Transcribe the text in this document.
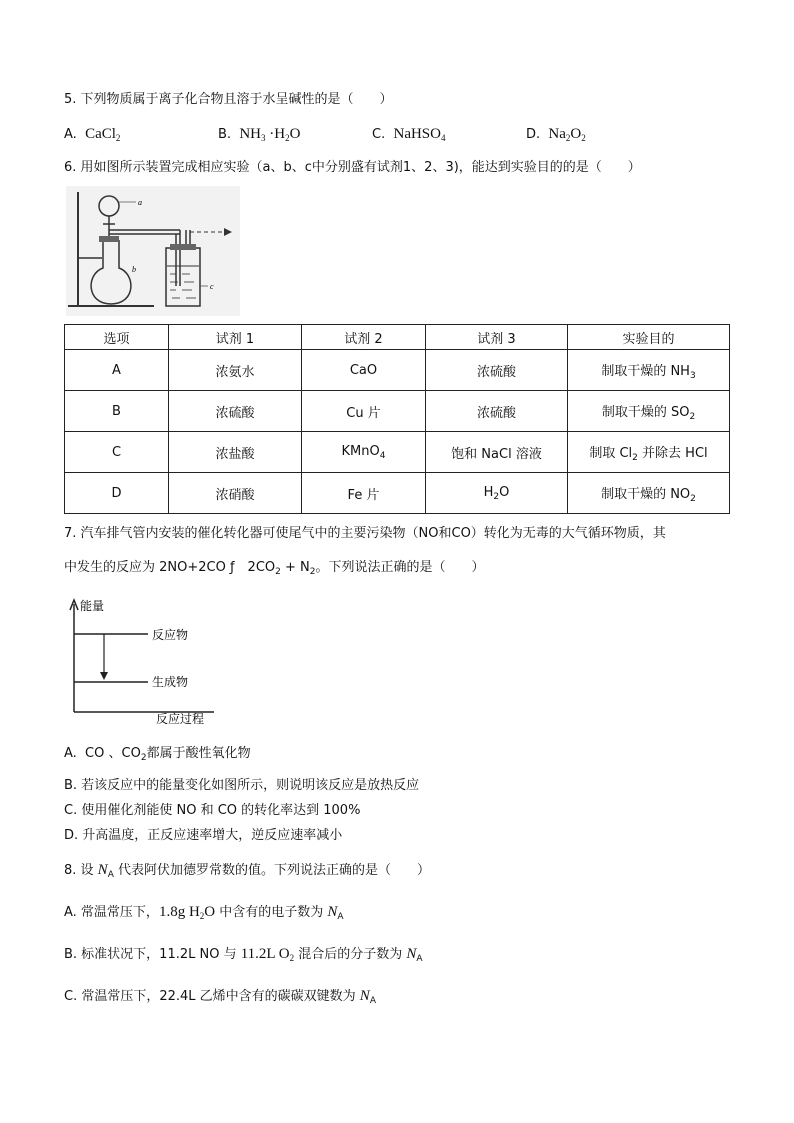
5. 下列物质属于离子化合物且溶于水呈碱性的是（　　）
A. CaCl$_2$	B. $NH_3 \cdot H_2O$	C. NaHSO$_4$	D. $Na_2O_2$
6. 用如图所示装置完成相应实验（a、b、c中分别盛有试剂1、2、3)，能达到实验目的的是（　　）
a
b
c
选项	试剂 1	试剂 2	试剂 3	实验目的
A	浓氨水	CaO	浓硫酸	制取干燥的 $NH_3$
B	浓硫酸	Cu 片	浓硫酸	制取干燥的 $SO_2$
C	浓盐酸	KMnO$_4$	饱和 NaCl 溶液	制取 $Cl_2$ 并除去 HCl
D	浓硝酸	Fe 片	$H_2O$	制取干燥的 $NO_2$
7. 汽车排气管内安装的催化转化器可使尾气中的主要污染物（NO和CO）转化为无毒的大气循环物质，其
中发生的反应为 2NO+2CO ƒ　$2CO_2 + N_2$。下列说法正确的是（　　）
能量
反应物
生成物
反应过程
A.  CO 、$CO_2$都属于酸性氧化物
B. 若该反应中的能量变化如图所示，则说明该反应是放热反应
C. 使用催化剂能使 NO 和 CO 的转化率达到 100%
D. 升高温度，正反应速率增大，逆反应速率减小
8. 设 $N_A$ 代表阿伏加德罗常数的值。下列说法正确的是（　　）
A. 常温常压下，1.8g $H_2O$ 中含有的电子数为 $N_A$
B. 标准状况下，11.2L NO 与 11.2L $O_2$ 混合后的分子数为 $N_A$
C. 常温常压下，22.4L 乙烯中含有的碳碳双键数为 $N_A$
